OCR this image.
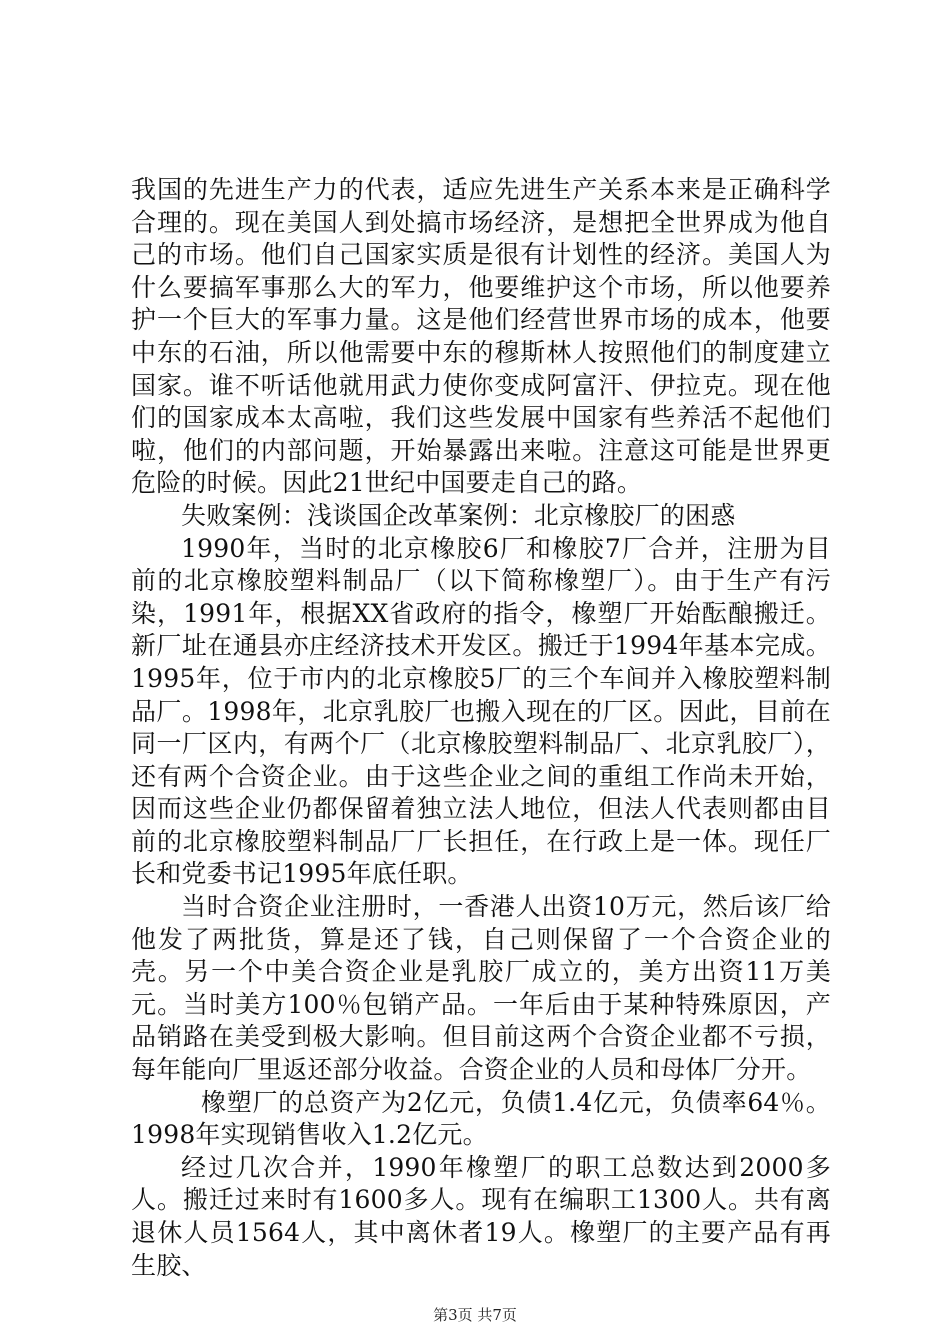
我国的先进生产力的代表，适应先进生产关系本来是正确科学合理的。现在美国人到处搞市场经济，是想把全世界成为他自己的市场。他们自己国家实质是很有计划性的经济。美国人为什么要搞军事那么大的军力，他要维护这个市场，所以他要养护一个巨大的军事力量。这是他们经营世界市场的成本，他要中东的石油，所以他需要中东的穆斯林人按照他们的制度建立国家。谁不听话他就用武力使你变成阿富汗、伊拉克。现在他们的国家成本太高啦，我们这些发展中国家有些养活不起他们啦，他们的内部问题，开始暴露出来啦。注意这可能是世界更危险的时候。因此21世纪中国要走自己的路。

失败案例：浅谈国企改革案例：北京橡胶厂的困惑

1990年，当时的北京橡胶6厂和橡胶7厂合并，注册为目前的北京橡胶塑料制品厂（以下简称橡塑厂）。由于生产有污染，1991年，根据XX省政府的指令，橡塑厂开始酝酿搬迁。新厂址在通县亦庄经济技术开发区。搬迁于1994年基本完成。1995年，位于市内的北京橡胶5厂的三个车间并入橡胶塑料制品厂。1998年，北京乳胶厂也搬入现在的厂区。因此，目前在同一厂区内，有两个厂（北京橡胶塑料制品厂、北京乳胶厂），还有两个合资企业。由于这些企业之间的重组工作尚未开始，因而这些企业仍都保留着独立法人地位，但法人代表则都由目前的北京橡胶塑料制品厂厂长担任，在行政上是一体。现任厂长和党委书记1995年底任职。

当时合资企业注册时，一香港人出资10万元，然后该厂给他发了两批货，算是还了钱，自己则保留了一个合资企业的壳。另一个中美合资企业是乳胶厂成立的，美方出资11万美元。当时美方100％包销产品。一年后由于某种特殊原因，产品销路在美受到极大影响。但目前这两个合资企业都不亏损，每年能向厂里返还部分收益。合资企业的人员和母体厂分开。

橡塑厂的总资产为2亿元，负债1.4亿元，负债率64％。1998年实现销售收入1.2亿元。

经过几次合并，1990年橡塑厂的职工总数达到2000多人。搬迁过来时有1600多人。现有在编职工1300人。共有离退休人员1564人，其中离休者19人。橡塑厂的主要产品有再生胶、

第3页 共7页
